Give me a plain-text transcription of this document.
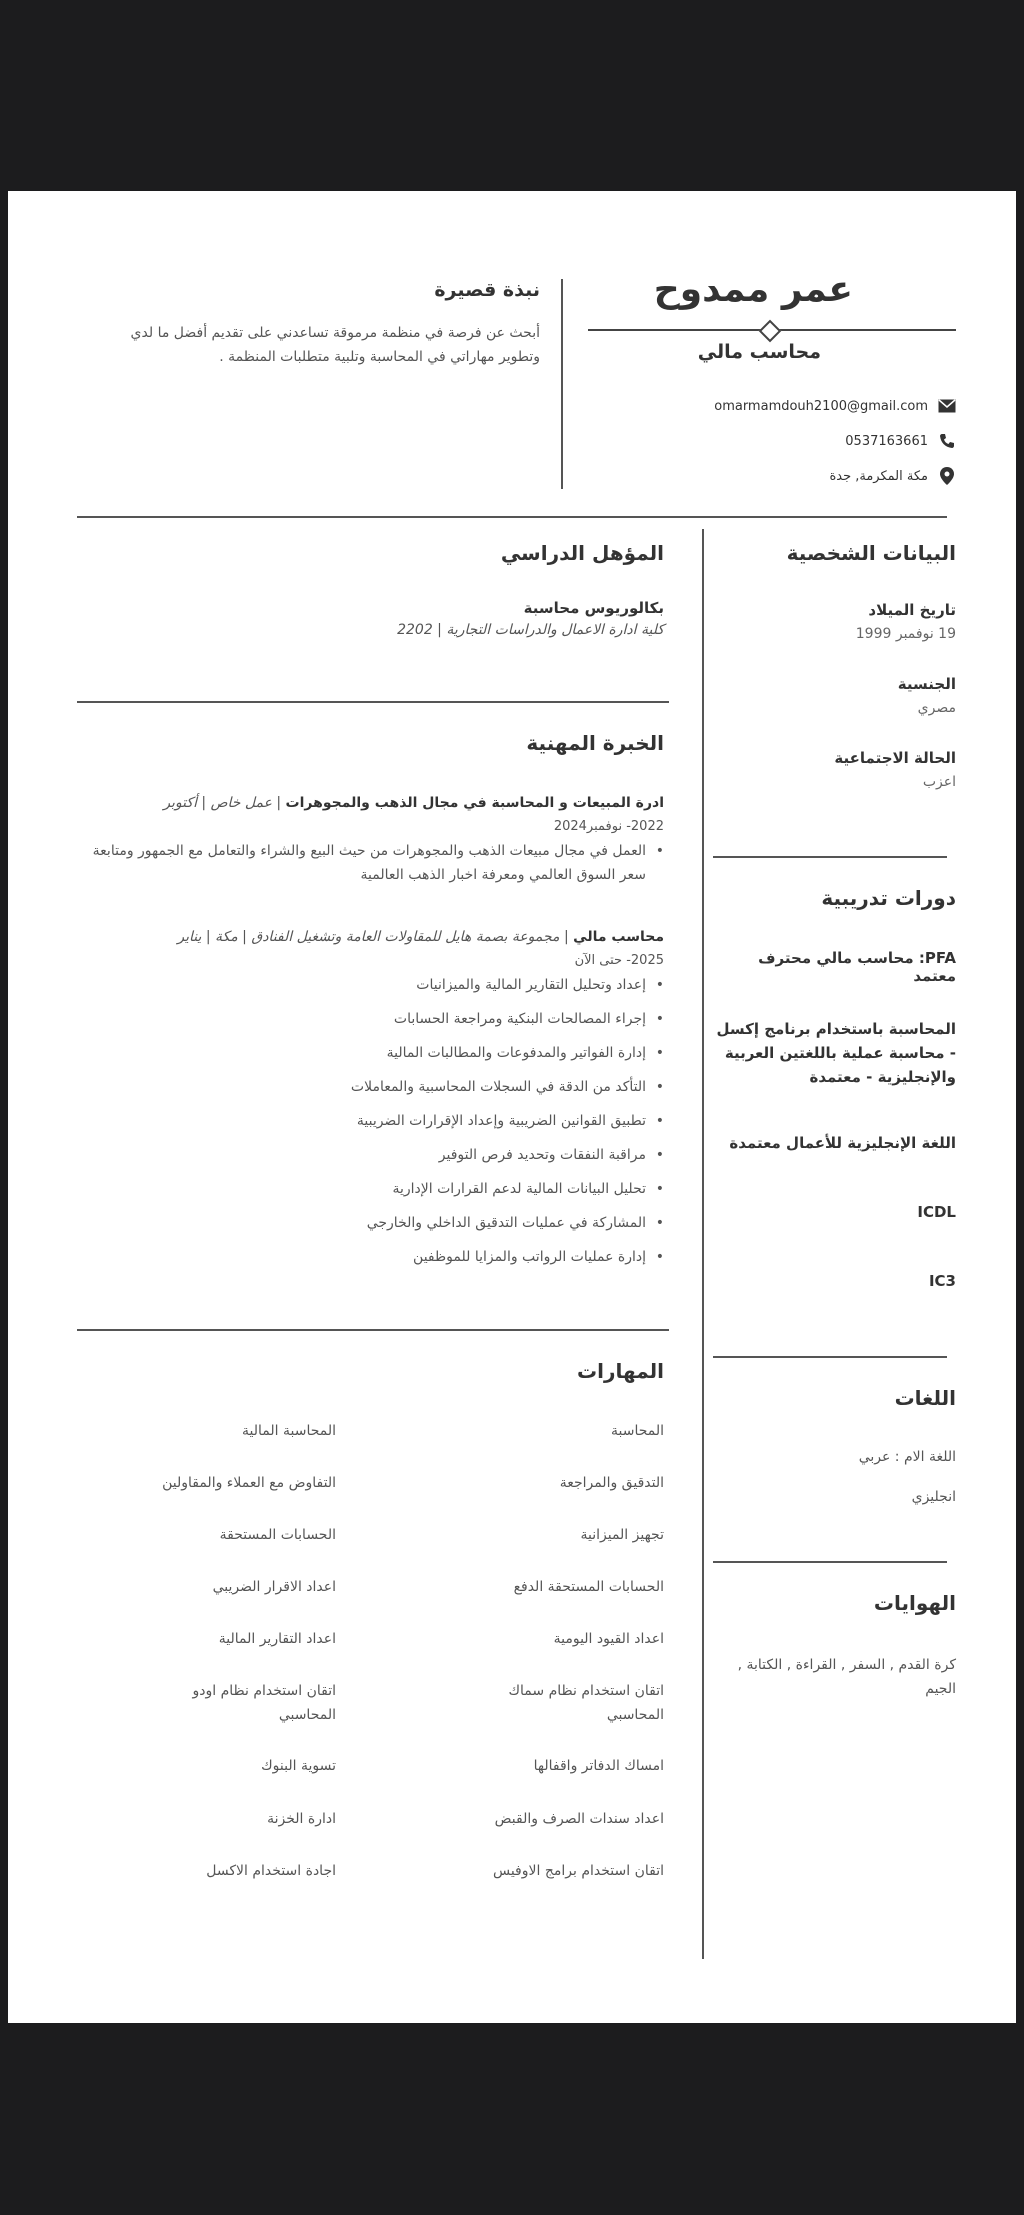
عمر ممدوح
محاسب مالي
omarmamdouh2100@gmail.com
0537163661
مكة المكرمة, جدة
نبذة قصيرة
أبحث عن فرصة في منظمة مرموقة تساعدني على تقديم أفضل ما لدي وتطوير مهاراتي في المحاسبة وتلبية متطلبات المنظمة .
البيانات الشخصية
تاريخ الميلاد
19 نوفمبر 1999
الجنسية
مصري
الحالة الاجتماعية
اعزب
دورات تدريبية
PFA: محاسب مالي محترف معتمد
المحاسبة باستخدام برنامج إكسل - محاسبة عملية باللغتين العربية والإنجليزية - معتمدة
اللغة الإنجليزية للأعمال معتمدة
ICDL
IC3
اللغات
اللغة الام : عربي
انجليزي
الهوايات
كرة القدم , السفر , القراءة , الكتابة , الجيم
المؤهل الدراسي
بكالوريوس محاسبة
كلية ادارة الاعمال والدراسات التجارية | 2202
الخبرة المهنية
ادرة المبيعات و المحاسبة في مجال الذهب والمجوهرات | عمل خاص | أكتوبر
2022- نوفمبر2024
• العمل في مجال مبيعات الذهب والمجوهرات من حيث البيع والشراء والتعامل مع الجمهور ومتابعة سعر السوق العالمي ومعرفة اخبار الذهب العالمية
محاسب مالي | مجموعة بصمة هايل للمقاولات العامة وتشغيل الفنادق | مكة | يناير
2025- حتى الآن
• إعداد وتحليل التقارير المالية والميزانيات
• إجراء المصالحات البنكية ومراجعة الحسابات
• إدارة الفواتير والمدفوعات والمطالبات المالية
• التأكد من الدقة في السجلات المحاسبية والمعاملات
• تطبيق القوانين الضريبية وإعداد الإقرارات الضريبية
• مراقبة النفقات وتحديد فرص التوفير
• تحليل البيانات المالية لدعم القرارات الإدارية
• المشاركة في عمليات التدقيق الداخلي والخارجي
• إدارة عمليات الرواتب والمزايا للموظفين
المهارات
المحاسبة
التدقيق والمراجعة
تجهيز الميزانية
الحسابات المستحقة الدفع
اعداد القيود اليومية
اتقان استخدام نظام سماك المحاسبي
امساك الدفاتر واقفالها
اعداد سندات الصرف والقبض
اتقان استخدام برامج الاوفيس
المحاسبة المالية
التفاوض مع العملاء والمقاولين
الحسابات المستحقة
اعداد الاقرار الضريبي
اعداد التقارير المالية
اتقان استخدام نظام اودو المحاسبي
تسوية البنوك
ادارة الخزنة
اجادة استخدام الاكسل
